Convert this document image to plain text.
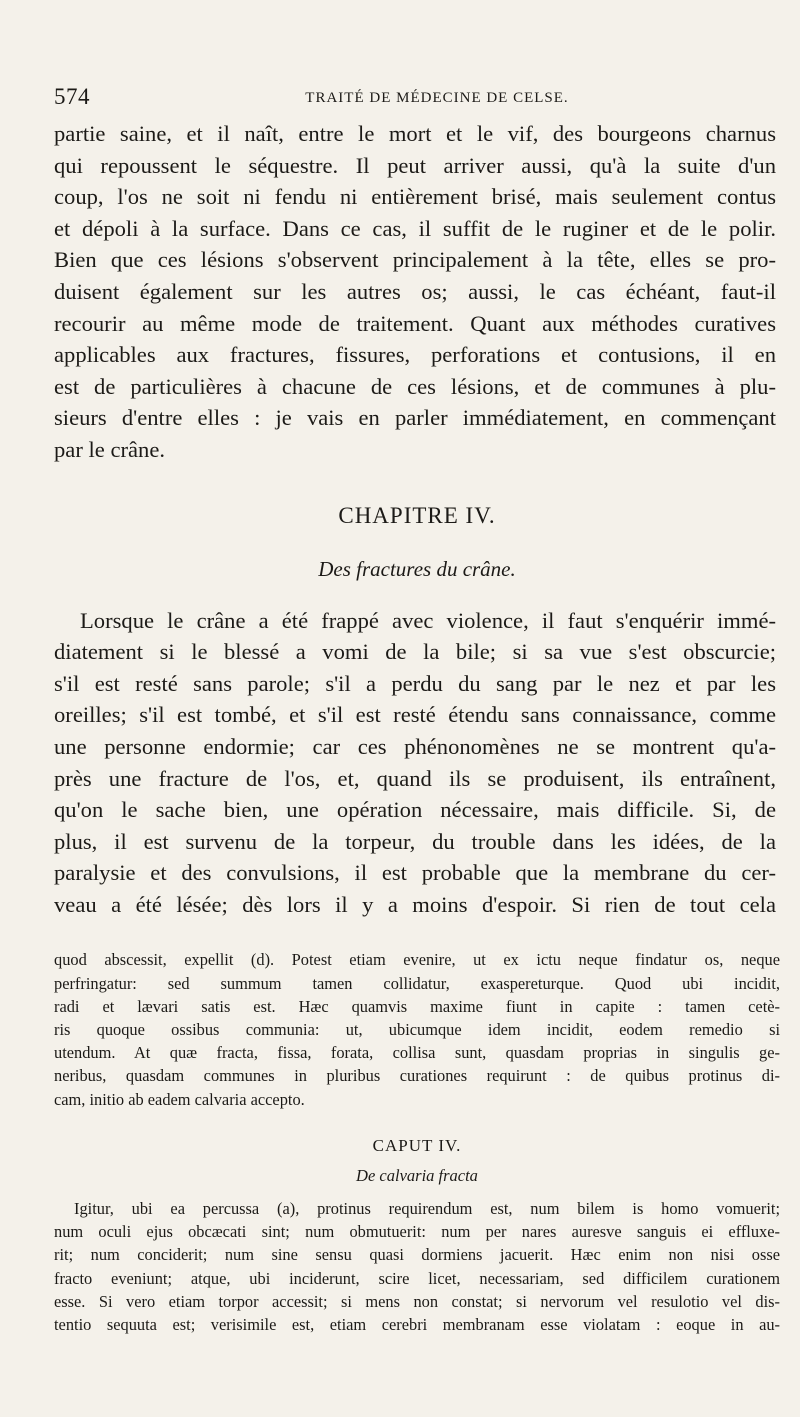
574	TRAITÉ DE MÉDECINE DE CELSE.
partie saine, et il naît, entre le mort et le vif, des bourgeons charnus
qui repoussent le séquestre. Il peut arriver aussi, qu'à la suite d'un
coup, l'os ne soit ni fendu ni entièrement brisé, mais seulement contus
et dépoli à la surface. Dans ce cas, il suffit de le ruginer et de le polir.
Bien que ces lésions s'observent principalement à la tête, elles se pro-
duisent également sur les autres os; aussi, le cas échéant, faut-il
recourir au même mode de traitement. Quant aux méthodes curatives
applicables aux fractures, fissures, perforations et contusions, il en
est de particulières à chacune de ces lésions, et de communes à plu-
sieurs d'entre elles : je vais en parler immédiatement, en commençant
par le crâne.
CHAPITRE IV.
Des fractures du crâne.
Lorsque le crâne a été frappé avec violence, il faut s'enquérir immé-
diatement si le blessé a vomi de la bile; si sa vue s'est obscurcie;
s'il est resté sans parole; s'il a perdu du sang par le nez et par les
oreilles; s'il est tombé, et s'il est resté étendu sans connaissance, comme
une personne endormie; car ces phénonomènes ne se montrent qu'a-
près une fracture de l'os, et, quand ils se produisent, ils entraînent,
qu'on le sache bien, une opération nécessaire, mais difficile. Si, de
plus, il est survenu de la torpeur, du trouble dans les idées, de la
paralysie et des convulsions, il est probable que la membrane du cer-
veau a été lésée; dès lors il y a moins d'espoir. Si rien de tout cela
quod abscessit, expellit (d). Potest etiam evenire, ut ex ictu neque findatur os, neque
perfringatur: sed summum tamen collidatur, exaspereturque. Quod ubi incidit,
radi et lævari satis est. Hæc quamvis maxime fiunt in capite : tamen cetè-
ris quoque ossibus communia: ut, ubicumque idem incidit, eodem remedio si
utendum. At quæ fracta, fissa, forata, collisa sunt, quasdam proprias in singulis ge-
neribus, quasdam communes in pluribus curationes requirunt : de quibus protinus di-
cam, initio ab eadem calvaria accepto.
CAPUT IV.
De calvaria fracta
Igitur, ubi ea percussa (a), protinus requirendum est, num bilem is homo vomuerit;
num oculi ejus obcæcati sint; num obmutuerit: num per nares auresve sanguis ei effluxe-
rit; num conciderit; num sine sensu quasi dormiens jacuerit. Hæc enim non nisi osse
fracto eveniunt; atque, ubi inciderunt, scire licet, necessariam, sed difficilem curationem
esse. Si vero etiam torpor accessit; si mens non constat; si nervorum vel resulotio vel dis-
tentio sequuta est; verisimile est, etiam cerebri membranam esse violatam : eoque in au-
